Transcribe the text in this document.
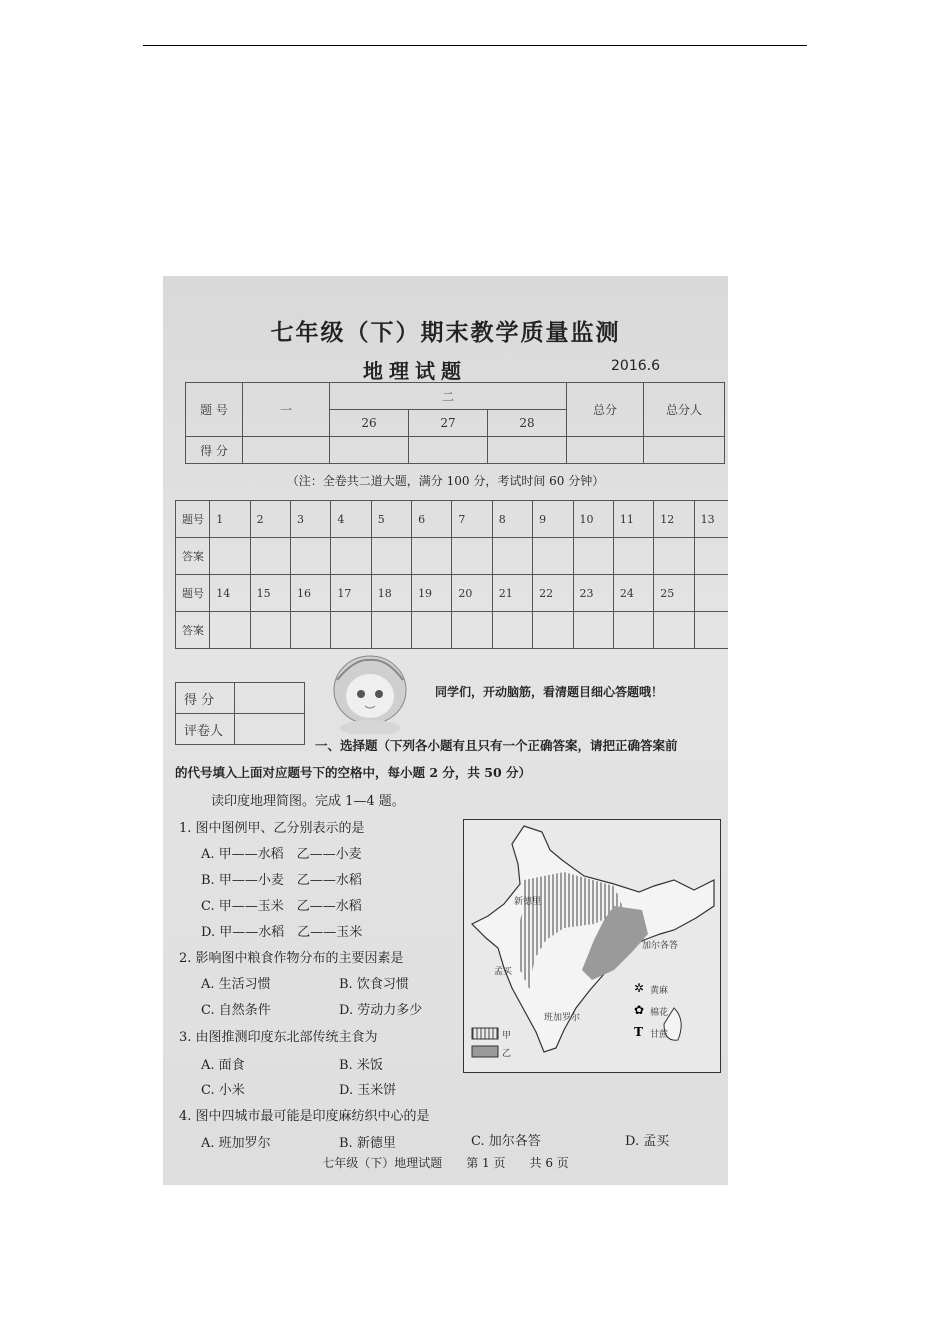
七年级（下）期末教学质量监测
地理试题	2016.6
题 号	一	二			总分	总分人
		26	27	28		
得 分						
（注：全卷共二道大题，满分 100 分，考试时间 60 分钟）
题号	1	2	3	4	5	6	7	8	9	10	11	12	13
答案													
题号	14	15	16	17	18	19	20	21	22	23	24	25	
答案													
得 分	
评卷人	
同学们，开动脑筋，看清题目细心答题哦！
一、选择题（下列各小题有且只有一个正确答案，请把正确答案前
的代号填入上面对应题号下的空格中，每小题 2 分，共 50 分）
读印度地理简图。完成 1—4 题。
1. 图中图例甲、乙分别表示的是
A. 甲——水稻　乙——小麦
B. 甲——小麦　乙——水稻
C. 甲——玉米　乙——水稻
D. 甲——水稻　乙——玉米
2. 影响图中粮食作物分布的主要因素是
A. 生活习惯	B. 饮食习惯
C. 自然条件	D. 劳动力多少
3. 由图推测印度东北部传统主食为
A. 面食	B. 米饭
C. 小米	D. 玉米饼
4. 图中四城市最可能是印度麻纺织中心的是
A. 班加罗尔	B. 新德里	C. 加尔各答	D. 孟买
✲
✿
T
新德里
加尔各答
孟买
班加罗尔
黄麻
棉花
甘蔗
甲
乙
七年级（下）地理试题　　第 1 页　　共 6 页
